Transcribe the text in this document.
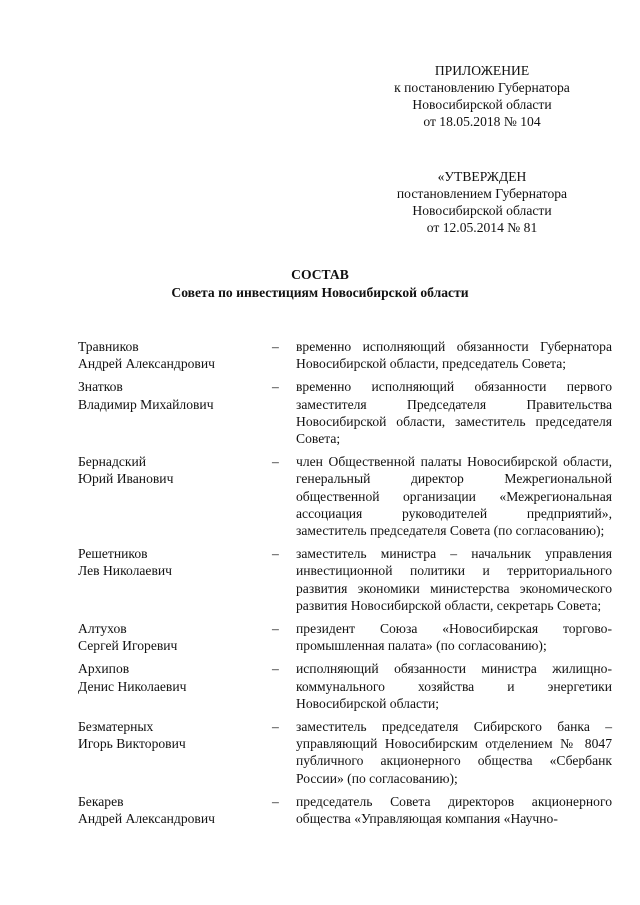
ПРИЛОЖЕНИЕ
к постановлению Губернатора
Новосибирской области
от 18.05.2018 № 104
«УТВЕРЖДЕН
постановлением Губернатора
Новосибирской области
от 12.05.2014 № 81
СОСТАВ
Совета по инвестициям Новосибирской области
Травников
Андрей Александрович
–	временно исполняющий обязанности Губернатора Новосибирской области, председатель Совета;
Знатков
Владимир Михайлович
–	временно исполняющий обязанности первого заместителя Председателя Правительства Новосибирской области, заместитель председателя Совета;
Бернадский
Юрий Иванович
–	член Общественной палаты Новосибирской области, генеральный директор Межрегиональной общественной организации «Межрегиональная ассоциация руководителей предприятий», заместитель председателя Совета (по согласованию);
Решетников
Лев Николаевич
–	заместитель министра – начальник управления инвестиционной политики и территориального развития экономики министерства экономического развития Новосибирской области, секретарь Совета;
Алтухов
Сергей Игоревич
–	президент Союза «Новосибирская торгово-промышленная палата» (по согласованию);
Архипов
Денис Николаевич
–	исполняющий обязанности министра жилищно-коммунального хозяйства и энергетики Новосибирской области;
Безматерных
Игорь Викторович
–	заместитель председателя Сибирского банка – управляющий Новосибирским отделением № 8047 публичного акционерного общества «Сбербанк России» (по согласованию);
Бекарев
Андрей Александрович
–	председатель Совета директоров акционерного общества «Управляющая компания «Научно-
